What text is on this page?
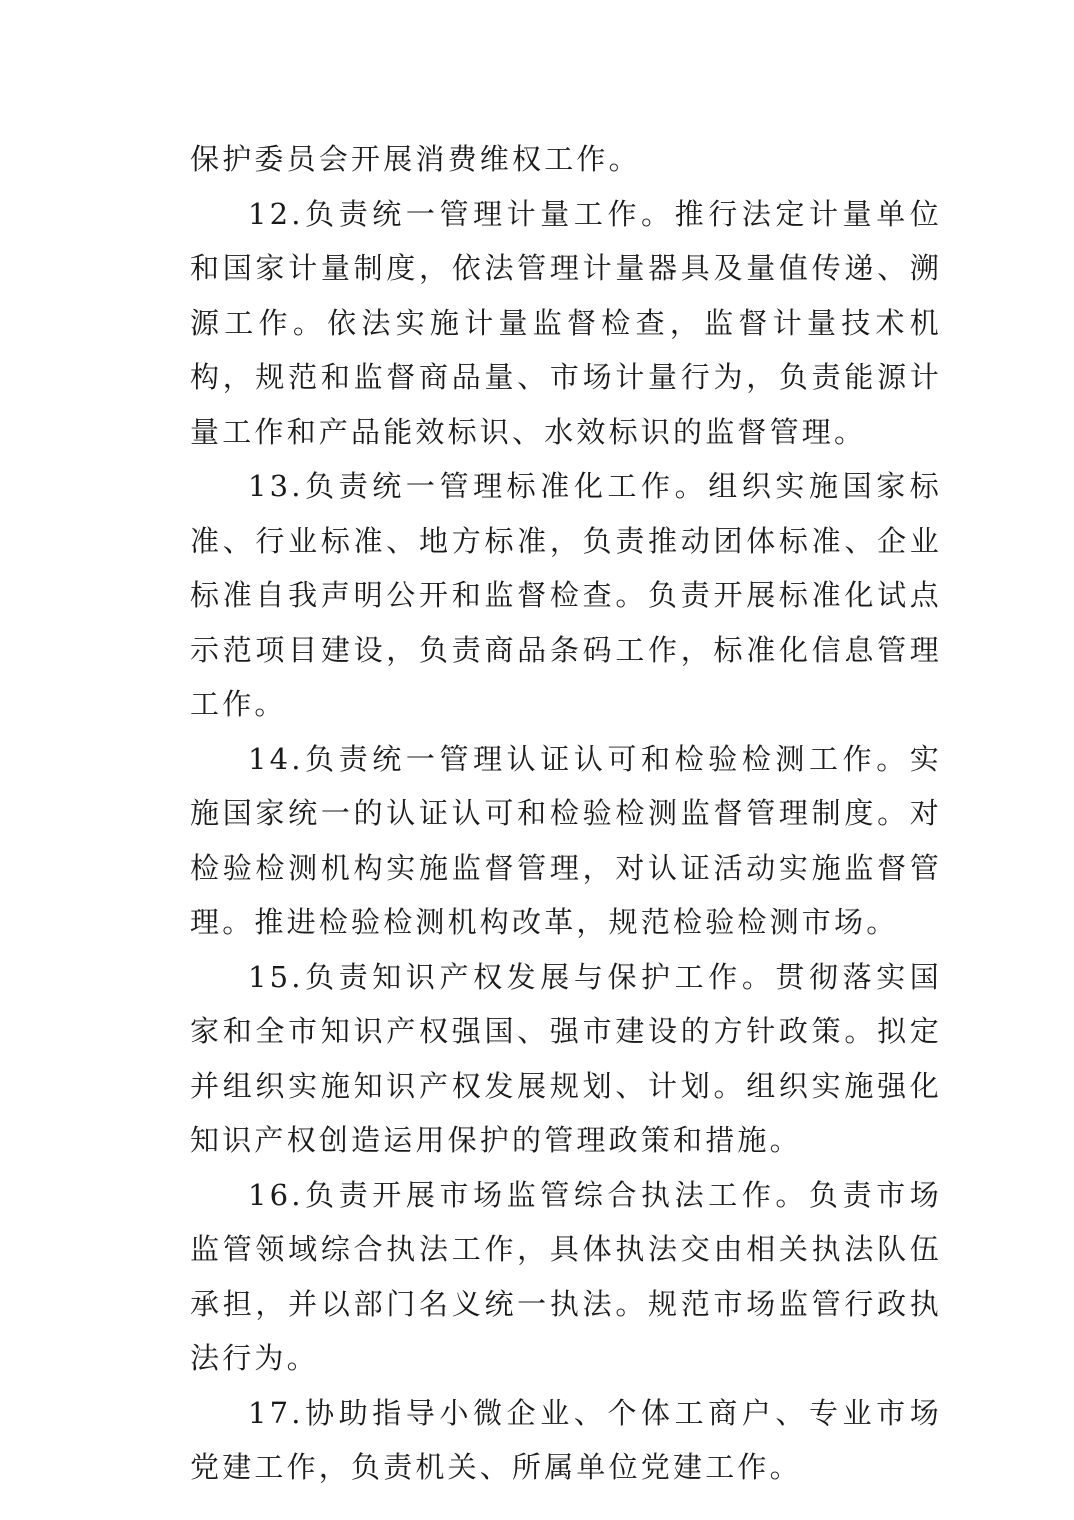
保护委员会开展消费维权工作。

12.负责统一管理计量工作。推行法定计量单位和国家计量制度，依法管理计量器具及量值传递、溯源工作。依法实施计量监督检查，监督计量技术机构，规范和监督商品量、市场计量行为，负责能源计量工作和产品能效标识、水效标识的监督管理。

13.负责统一管理标准化工作。组织实施国家标准、行业标准、地方标准，负责推动团体标准、企业标准自我声明公开和监督检查。负责开展标准化试点示范项目建设，负责商品条码工作，标准化信息管理工作。

14.负责统一管理认证认可和检验检测工作。实施国家统一的认证认可和检验检测监督管理制度。对检验检测机构实施监督管理，对认证活动实施监督管理。推进检验检测机构改革，规范检验检测市场。

15.负责知识产权发展与保护工作。贯彻落实国家和全市知识产权强国、强市建设的方针政策。拟定并组织实施知识产权发展规划、计划。组织实施强化知识产权创造运用保护的管理政策和措施。

16.负责开展市场监管综合执法工作。负责市场监管领域综合执法工作，具体执法交由相关执法队伍承担，并以部门名义统一执法。规范市场监管行政执法行为。

17.协助指导小微企业、个体工商户、专业市场党建工作，负责机关、所属单位党建工作。
